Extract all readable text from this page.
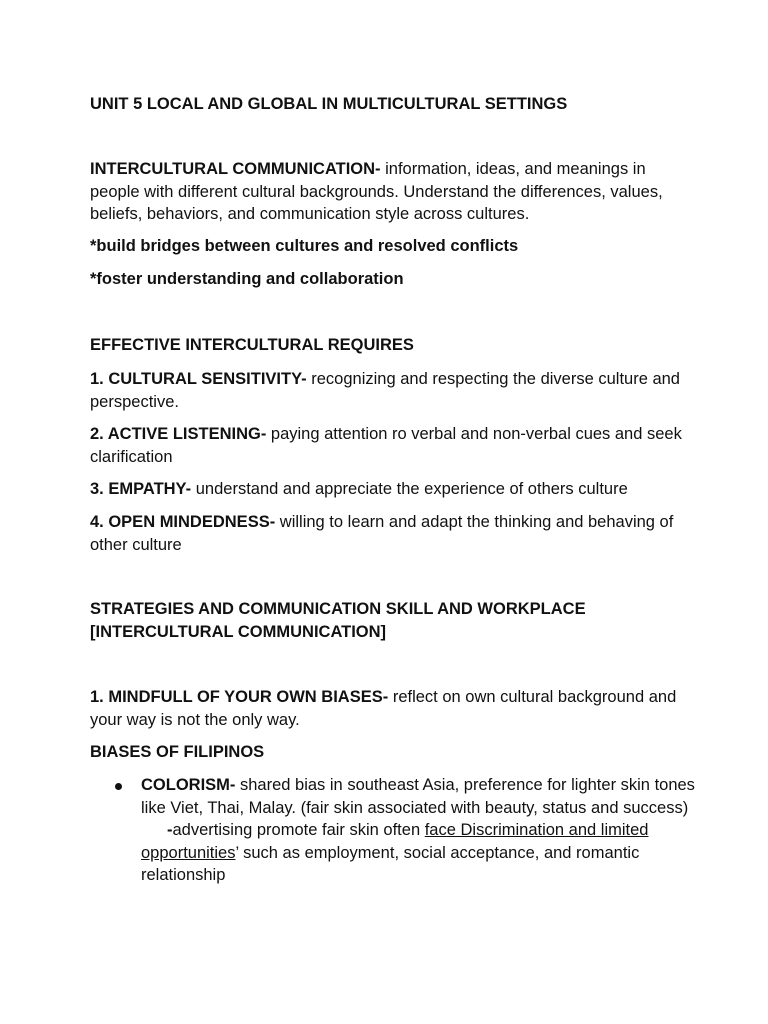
UNIT 5 LOCAL AND GLOBAL IN MULTICULTURAL SETTINGS

INTERCULTURAL COMMUNICATION- information, ideas, and meanings in people with different cultural backgrounds. Understand the differences, values, beliefs, behaviors, and communication style across cultures.

*build bridges between cultures and resolved conflicts

*foster understanding and collaboration

EFFECTIVE INTERCULTURAL REQUIRES

1. CULTURAL SENSITIVITY- recognizing and respecting the diverse culture and perspective.

2. ACTIVE LISTENING- paying attention ro verbal and non-verbal cues and seek clarification

3. EMPATHY- understand and appreciate the experience of others culture

4. OPEN MINDEDNESS- willing to learn and adapt the thinking and behaving of other culture

STRATEGIES AND COMMUNICATION SKILL AND WORKPLACE [INTERCULTURAL COMMUNICATION]

1. MINDFULL OF YOUR OWN BIASES- reflect on own cultural background and your way is not the only way.

BIASES OF FILIPINOS

COLORISM- shared bias in southeast Asia, preference for lighter skin tones like Viet, Thai, Malay. (fair skin associated with beauty, status and success)
-advertising promote fair skin often face Discrimination and limited opportunities’ such as employment, social acceptance, and romantic relationship
